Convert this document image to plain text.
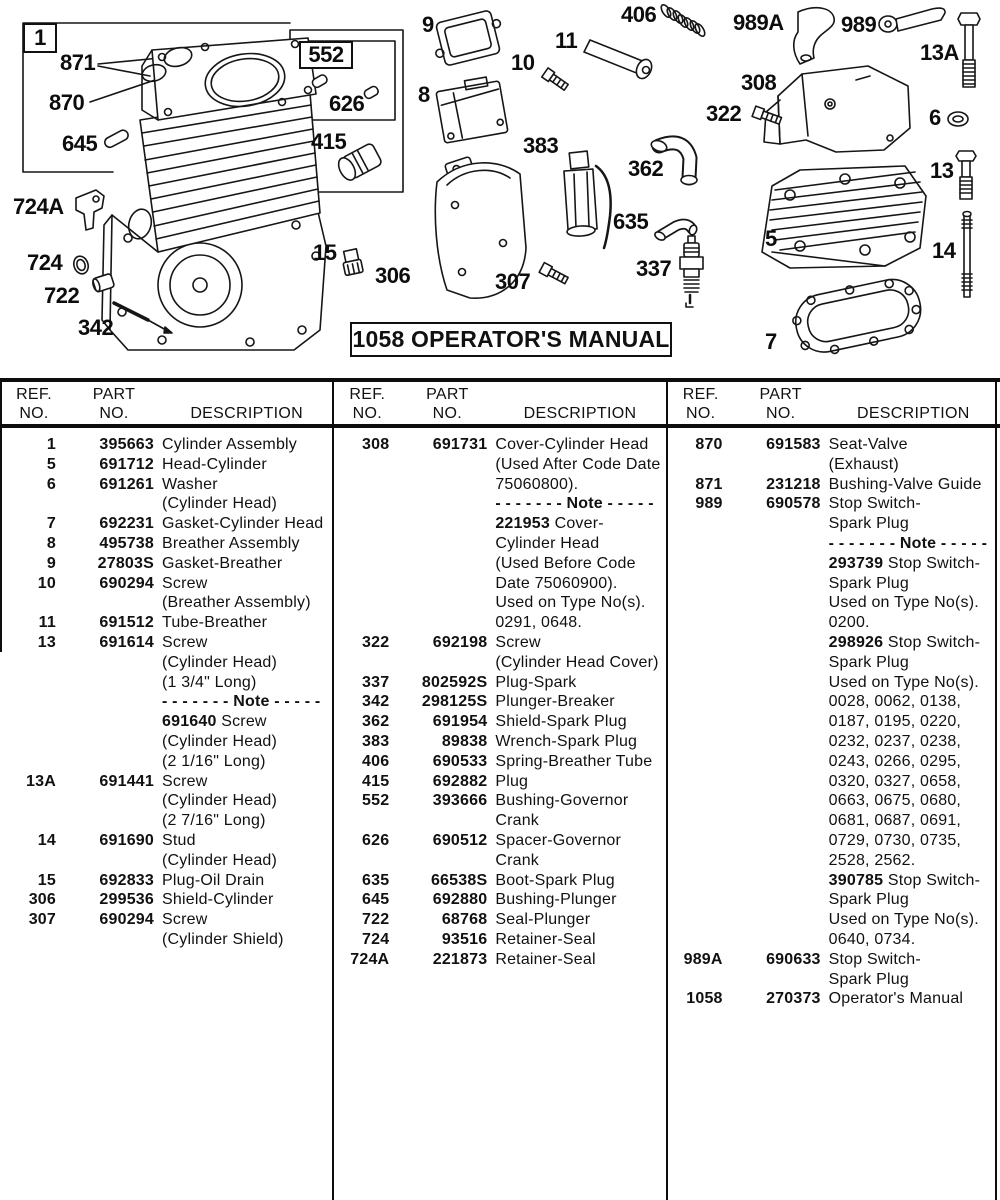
1058 OPERATOR'S MANUAL
1
552
871
870
645
724A
724
722
342
626
415
9
10
11
8
406
383
362
635
337
306	307
15
989A	989
13A
308
322	6
13
5	14
7
REF.
NO.
PART
NO.
	DESCRIPTION
1	395663 Cylinder Assembly
5	691712 Head-Cylinder
6	691261 Washer
(Cylinder Head)
7	692231 Gasket-Cylinder Head
8	495738 Breather Assembly
9	27803S Gasket-Breather
10	690294 Screw
(Breather Assembly)
11	691512 Tube-Breather
13	691614 Screw
(Cylinder Head)
(1 3/4" Long)
- - - - - - - Note - - - - -
691640 Screw
(Cylinder Head)
(2 1/16" Long)
13A	691441 Screw
(Cylinder Head)
(2 7/16" Long)
14	691690 Stud
(Cylinder Head)
15	692833 Plug-Oil Drain
306	299536 Shield-Cylinder
307	690294 Screw
(Cylinder Shield)
REF.
NO.
PART
NO.
	DESCRIPTION
308	691731 Cover-Cylinder Head
(Used After Code Date
75060800).
- - - - - - - Note - - - - -
221953 Cover-
Cylinder Head
(Used Before Code
Date 75060900).
Used on Type No(s).
0291, 0648.
322	692198 Screw
(Cylinder Head Cover)
337	802592S Plug-Spark
342	298125S Plunger-Breaker
362	691954 Shield-Spark Plug
383	89838 Wrench-Spark Plug
406	690533 Spring-Breather Tube
415	692882 Plug
552	393666 Bushing-Governor
Crank
626	690512 Spacer-Governor
Crank
635	66538S Boot-Spark Plug
645	692880 Bushing-Plunger
722	68768 Seal-Plunger
724	93516 Retainer-Seal
724A	221873 Retainer-Seal
REF.
NO.
PART
NO.
	DESCRIPTION
870	691583 Seat-Valve
(Exhaust)
871	231218 Bushing-Valve Guide
989	690578 Stop Switch-
Spark Plug
- - - - - - - Note - - - - -
293739 Stop Switch-
Spark Plug
Used on Type No(s).
0200.
298926 Stop Switch-
Spark Plug
Used on Type No(s).
0028, 0062, 0138,
0187, 0195, 0220,
0232, 0237, 0238,
0243, 0266, 0295,
0320, 0327, 0658,
0663, 0675, 0680,
0681, 0687, 0691,
0729, 0730, 0735,
2528, 2562.
390785 Stop Switch-
Spark Plug
Used on Type No(s).
0640, 0734.
989A	690633 Stop Switch-
Spark Plug
1058	270373 Operator's Manual
